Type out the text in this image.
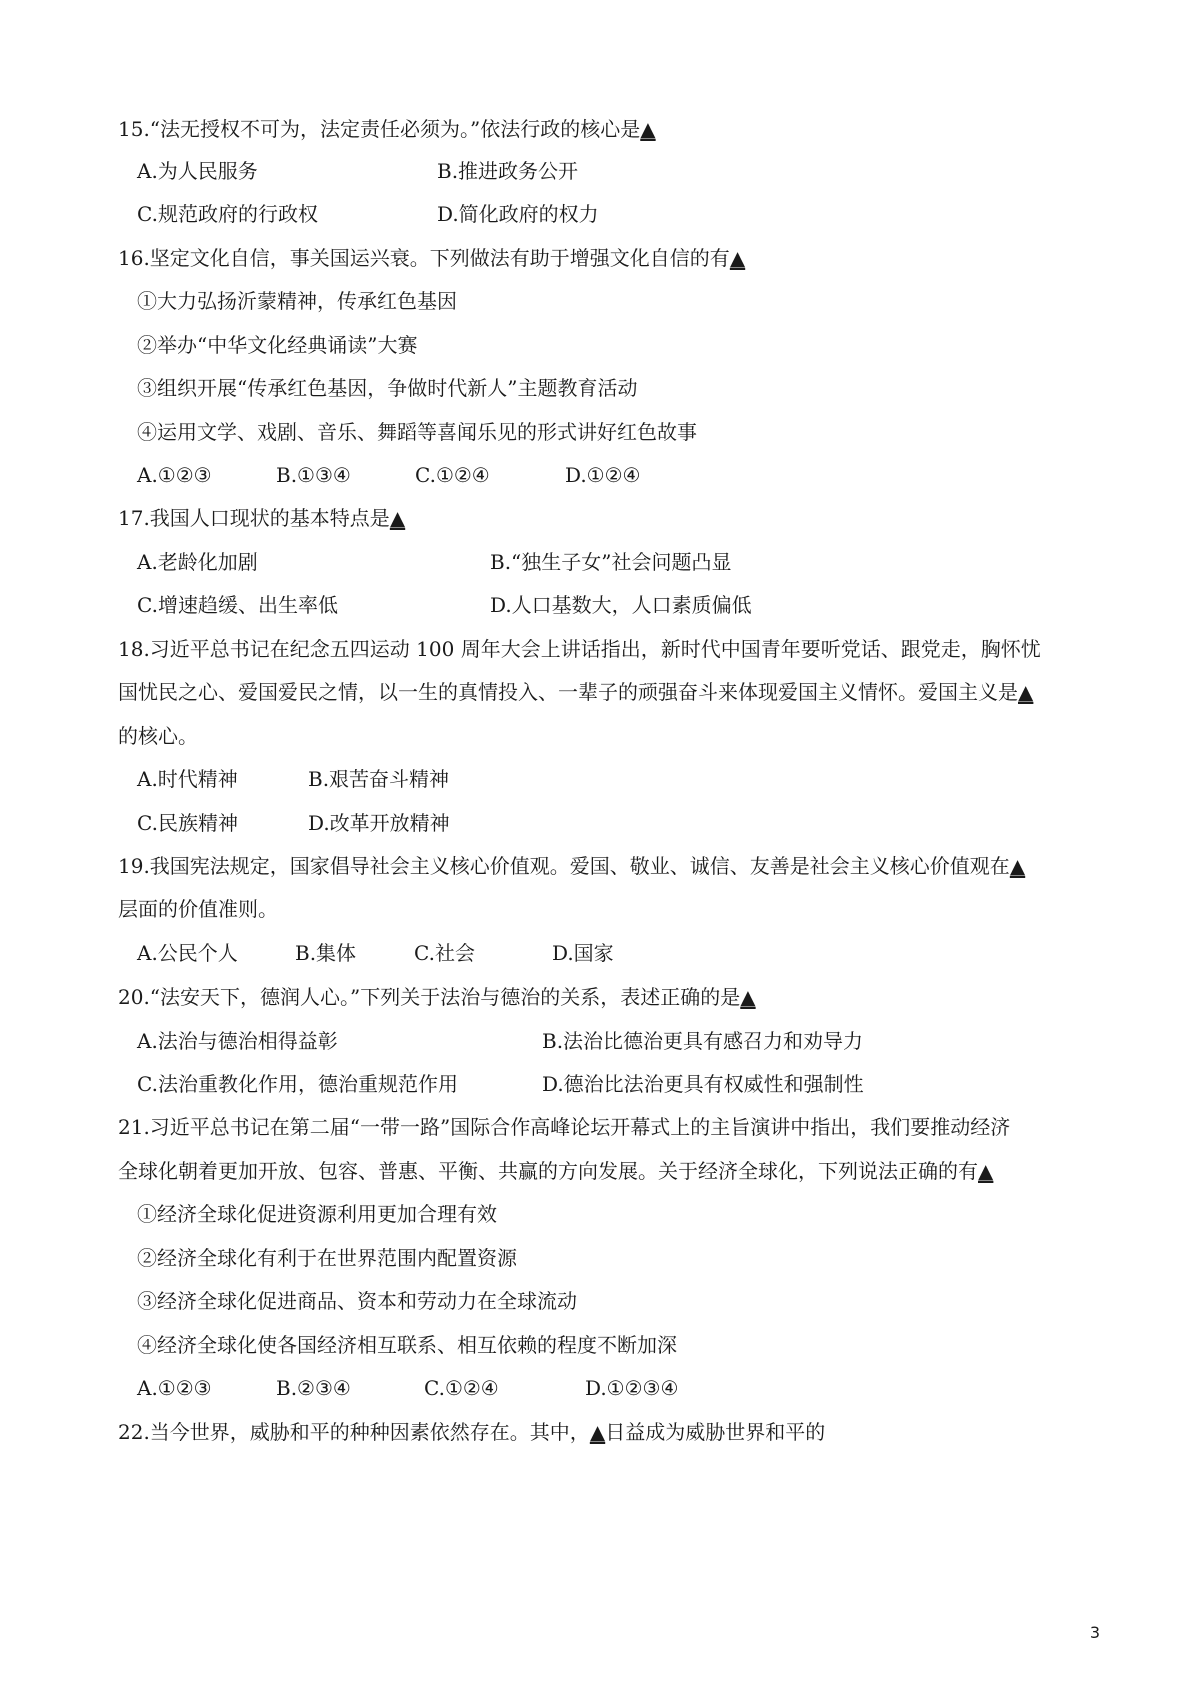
15.“法无授权不可为，法定责任必须为。”依法行政的核心是▲
A.为人民服务	B.推进政务公开
C.规范政府的行政权	D.简化政府的权力
16.坚定文化自信，事关国运兴衰。下列做法有助于增强文化自信的有▲
①大力弘扬沂蒙精神，传承红色基因
②举办“中华文化经典诵读”大赛
③组织开展“传承红色基因，争做时代新人”主题教育活动
④运用文学、戏剧、音乐、舞蹈等喜闻乐见的形式讲好红色故事
A.①②③	B.①③④	C.①②④	D.①②④
17.我国人口现状的基本特点是▲
A.老龄化加剧	B.“独生子女”社会问题凸显
C.增速趋缓、出生率低	D.人口基数大，人口素质偏低
18.习近平总书记在纪念五四运动 100 周年大会上讲话指出，新时代中国青年要听党话、跟党走，胸怀忧
国忧民之心、爱国爱民之情，以一生的真情投入、一辈子的顽强奋斗来体现爱国主义情怀。爱国主义是▲
的核心。
A.时代精神	B.艰苦奋斗精神
C.民族精神	D.改革开放精神
19.我国宪法规定，国家倡导社会主义核心价值观。爱国、敬业、诚信、友善是社会主义核心价值观在▲
层面的价值准则。
A.公民个人	B.集体	C.社会	D.国家
20.“法安天下，德润人心。”下列关于法治与德治的关系，表述正确的是▲
A.法治与德治相得益彰	B.法治比德治更具有感召力和劝导力
C.法治重教化作用，德治重规范作用	D.德治比法治更具有权威性和强制性
21.习近平总书记在第二届“一带一路”国际合作高峰论坛开幕式上的主旨演讲中指出，我们要推动经济
全球化朝着更加开放、包容、普惠、平衡、共赢的方向发展。关于经济全球化，下列说法正确的有▲
①经济全球化促进资源利用更加合理有效
②经济全球化有利于在世界范围内配置资源
③经济全球化促进商品、资本和劳动力在全球流动
④经济全球化使各国经济相互联系、相互依赖的程度不断加深
A.①②③	B.②③④	C.①②④	D.①②③④
22.当今世界，威胁和平的种种因素依然存在。其中，▲日益成为威胁世界和平的
3
